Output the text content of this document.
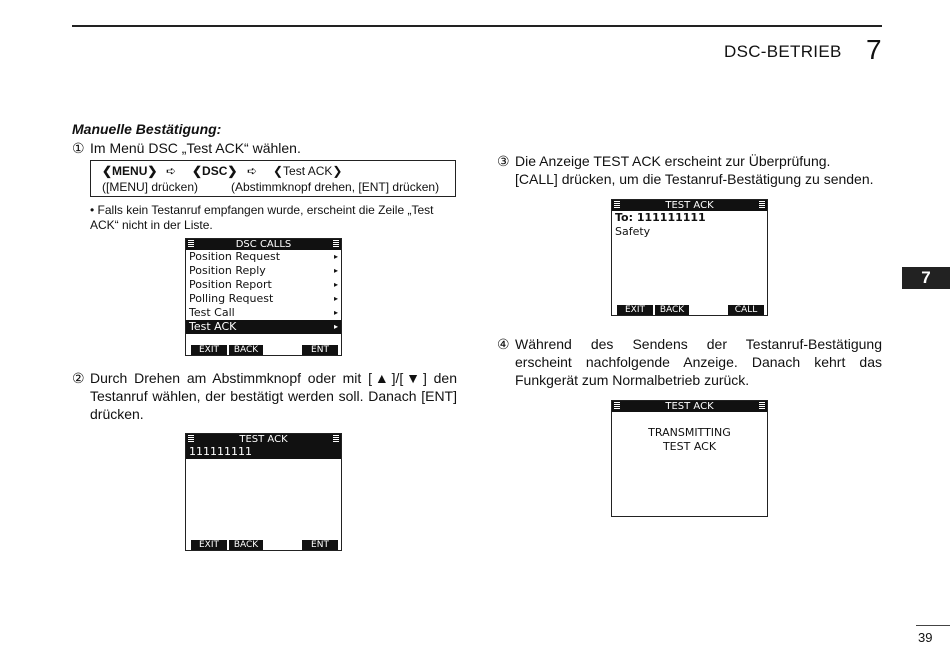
DSC-BETRIEB 7
7
Manuelle Bestätigung:
① Im Menü DSC „Test ACK“ wählen.
❮MENU❯ ➪ ❮DSC❯ ➪ ❮Test ACK❯
([MENU] drücken)	(Abstimmknopf drehen, [ENT] drücken)
• Falls kein Testanruf empfangen wurde, erscheint die Zeile „Test ACK“ nicht in der Liste.
DSC CALLS
Position Request	▸
Position Reply	▸
Position Report	▸
Polling Request	▸
Test Call	▸
Test ACK	▸
EXIT	BACK	ENT
② Durch Drehen am Abstimmknopf oder mit [▲]/[▼] den Testanruf wählen, der bestätigt werden soll. Danach [ENT] drücken.
TEST ACK
111111111
EXIT	BACK	ENT
③ Die Anzeige TEST ACK erscheint zur Überprüfung.
[CALL] drücken, um die Testanruf-Bestätigung zu senden.
TEST ACK
To: 111111111
Safety
EXIT	BACK	CALL
④ Während des Sendens der Testanruf-Bestätigung erscheint nachfolgende Anzeige. Danach kehrt das Funkgerät zum Normalbetrieb zurück.
TEST ACK
TRANSMITTING
TEST ACK
39
